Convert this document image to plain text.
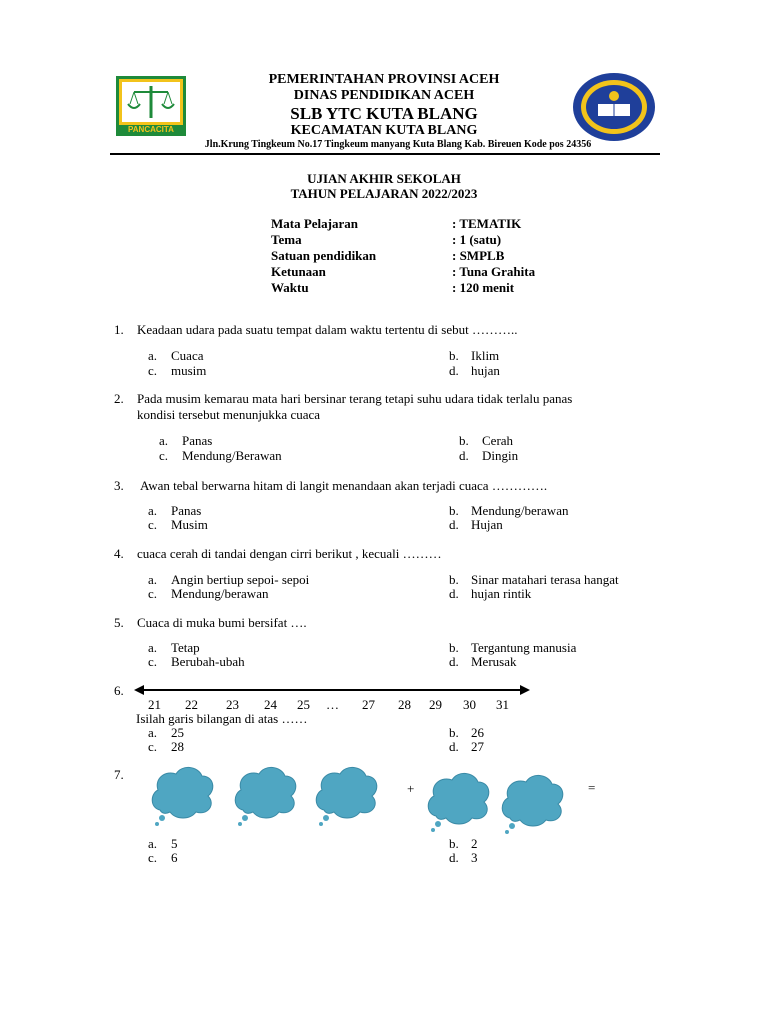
PANCACITA
PEMERINTAHAN PROVINSI ACEH
DINAS PENDIDIKAN ACEH
SLB YTC KUTA BLANG
KECAMATAN KUTA BLANG
Jln.Krung Tingkeum No.17 Tingkeum manyang Kuta Blang Kab. Bireuen Kode pos 24356
UJIAN AKHIR SEKOLAH
TAHUN PELAJARAN 2022/2023
Mata Pelajaran	: TEMATIK
Tema	: 1 (satu)
Satuan pendidikan	: SMPLB
Ketunaan	: Tuna Grahita
Waktu	: 120 menit
1. Keadaan udara pada suatu tempat dalam waktu tertentu di sebut ………..
a. Cuaca	b. Iklim
c. musim	d. hujan
2. Pada musim kemarau mata hari bersinar terang tetapi suhu udara tidak terlalu panas
kondisi tersebut menunjukka cuaca
a. Panas	b. Cerah
c. Mendung/Berawan	d. Dingin
3. Awan tebal berwarna hitam di langit menandaan akan terjadi cuaca ………….
a. Panas	b. Mendung/berawan
c. Musim	d. Hujan
4. cuaca cerah di tandai dengan cirri berikut , kecuali ………
a. Angin bertiup sepoi- sepoi	b. Sinar matahari terasa hangat
c. Mendung/berawan	d. hujan rintik
5. Cuaca di muka bumi bersifat ….
a. Tetap	b. Tergantung manusia
c. Berubah-ubah	d. Merusak
6.
21 22 23 24 25 … 27 28 29 30 31
Isilah garis bilangan di atas ……
a. 25	b. 26
c. 28	d. 27
7.
+	=
a. 5	b. 2
c. 6	d. 3
